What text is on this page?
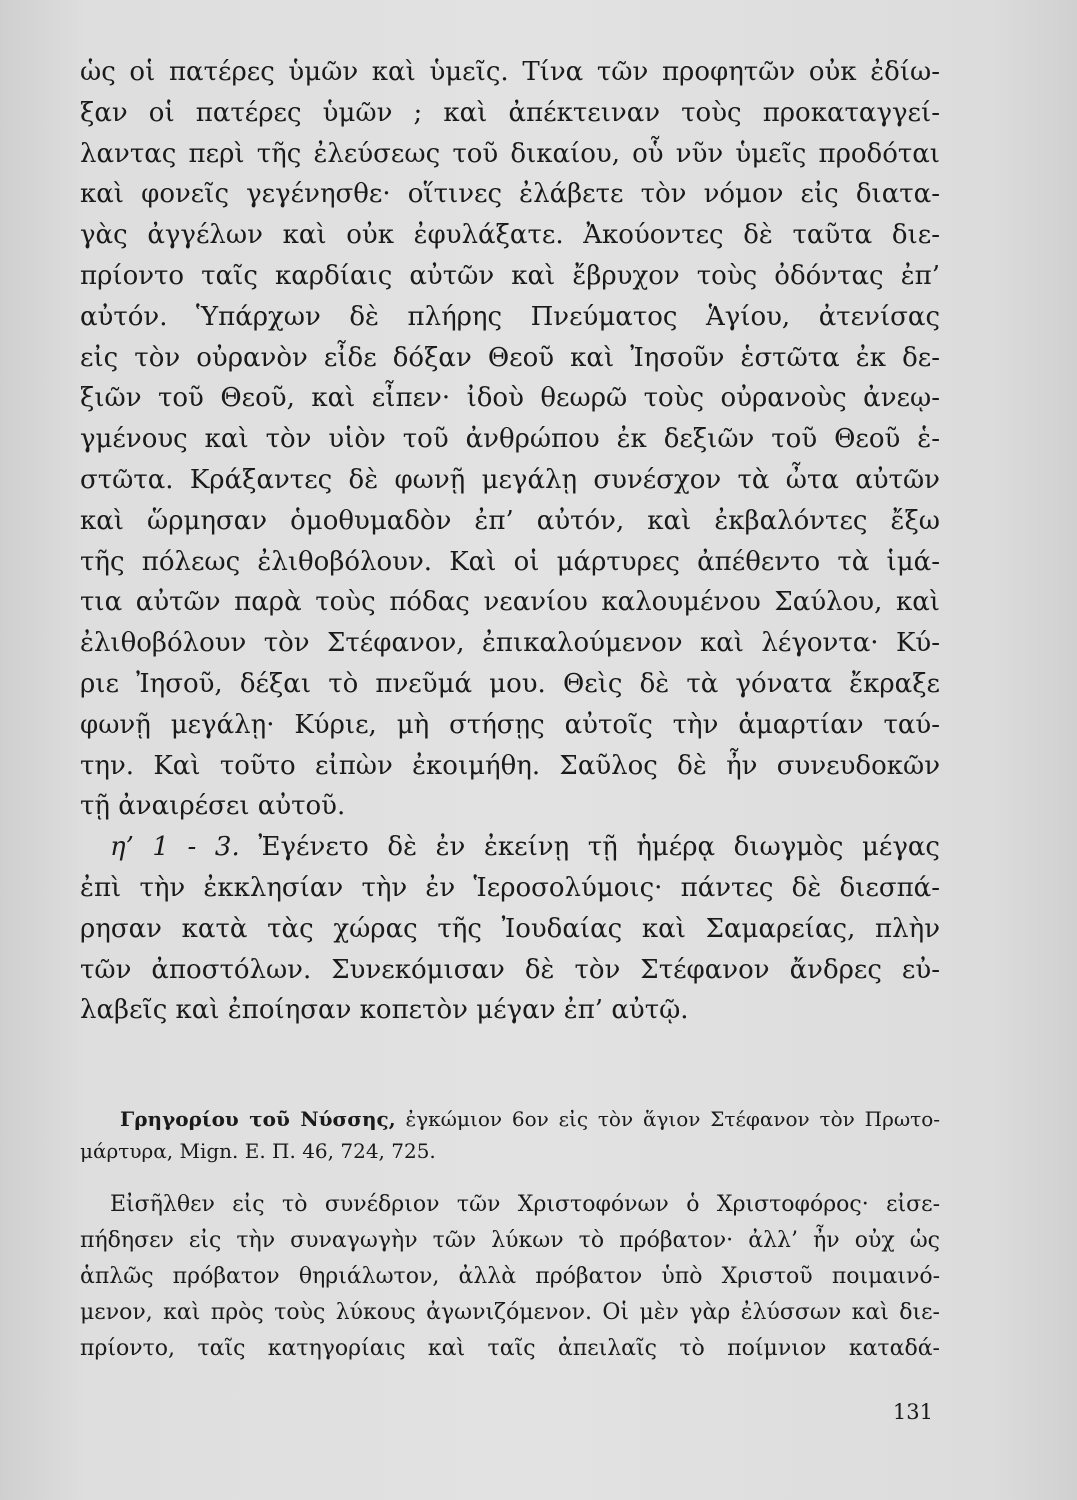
ὡς οἱ πατέρες ὑμῶν καὶ ὑμεῖς. Τίνα τῶν προφητῶν οὐκ ἐδίω-
ξαν οἱ πατέρες ὑμῶν ; καὶ ἀπέκτειναν τοὺς προκαταγγεί-
λαντας περὶ τῆς ἐλεύσεως τοῦ δικαίου, οὗ νῦν ὑμεῖς προδόται
καὶ φονεῖς γεγένησθε· οἵτινες ἐλάβετε τὸν νόμον εἰς διατα-
γὰς ἀγγέλων καὶ οὐκ ἐφυλάξατε. Ἀκούοντες δὲ ταῦτα διε-
πρίοντο ταῖς καρδίαις αὐτῶν καὶ ἔβρυχον τοὺς ὀδόντας ἐπ’
αὐτόν. Ὑπάρχων δὲ πλήρης Πνεύματος Ἁγίου, ἀτενίσας
εἰς τὸν οὐρανὸν εἶδε δόξαν Θεοῦ καὶ Ἰησοῦν ἑστῶτα ἐκ δε-
ξιῶν τοῦ Θεοῦ, καὶ εἶπεν· ἰδοὺ θεωρῶ τοὺς οὐρανοὺς ἀνεῳ-
γμένους καὶ τὸν υἱὸν τοῦ ἀνθρώπου ἐκ δεξιῶν τοῦ Θεοῦ ἑ-
στῶτα. Κράξαντες δὲ φωνῇ μεγάλῃ συνέσχον τὰ ὦτα αὐτῶν
καὶ ὥρμησαν ὁμοθυμαδὸν ἐπ’ αὐτόν, καὶ ἐκβαλόντες ἔξω
τῆς πόλεως ἐλιθοβόλουν. Καὶ οἱ μάρτυρες ἀπέθεντο τὰ ἱμά-
τια αὐτῶν παρὰ τοὺς πόδας νεανίου καλουμένου Σαύλου, καὶ
ἐλιθοβόλουν τὸν Στέφανον, ἐπικαλούμενον καὶ λέγοντα· Κύ-
ριε Ἰησοῦ, δέξαι τὸ πνεῦμά μου. Θεὶς δὲ τὰ γόνατα ἔκραξε
φωνῇ μεγάλῃ· Κύριε, μὴ στήσῃς αὐτοῖς τὴν ἁμαρτίαν ταύ-
την. Καὶ τοῦτο εἰπὼν ἐκοιμήθη. Σαῦλος δὲ ἦν συνευδοκῶν
τῇ ἀναιρέσει αὐτοῦ.
η’ 1 - 3. Ἐγένετο δὲ ἐν ἐκείνῃ τῇ ἡμέρᾳ διωγμὸς μέγας
ἐπὶ τὴν ἐκκλησίαν τὴν ἐν Ἱεροσολύμοις· πάντες δὲ διεσπά-
ρησαν κατὰ τὰς χώρας τῆς Ἰουδαίας καὶ Σαμαρείας, πλὴν
τῶν ἀποστόλων. Συνεκόμισαν δὲ τὸν Στέφανον ἄνδρες εὐ-
λαβεῖς καὶ ἐποίησαν κοπετὸν μέγαν ἐπ’ αὐτῷ.
Γρηγορίου τοῦ Νύσσης, ἐγκώμιον 6ον εἰς τὸν ἅγιον Στέφανον τὸν Πρωτο-
μάρτυρα, Mign. Ε. Π. 46, 724, 725.
Εἰσῆλθεν εἰς τὸ συνέδριον τῶν Χριστοφόνων ὁ Χριστοφόρος· εἰσε-
πήδησεν εἰς τὴν συναγωγὴν τῶν λύκων τὸ πρόβατον· ἀλλ’ ἦν οὐχ ὡς
ἁπλῶς πρόβατον θηριάλωτον, ἀλλὰ πρόβατον ὑπὸ Χριστοῦ ποιμαινό-
μενον, καὶ πρὸς τοὺς λύκους ἀγωνιζόμενον. Οἱ μὲν γὰρ ἐλύσσων καὶ διε-
πρίοντο, ταῖς κατηγορίαις καὶ ταῖς ἀπειλαῖς τὸ ποίμνιον καταδά-
131
